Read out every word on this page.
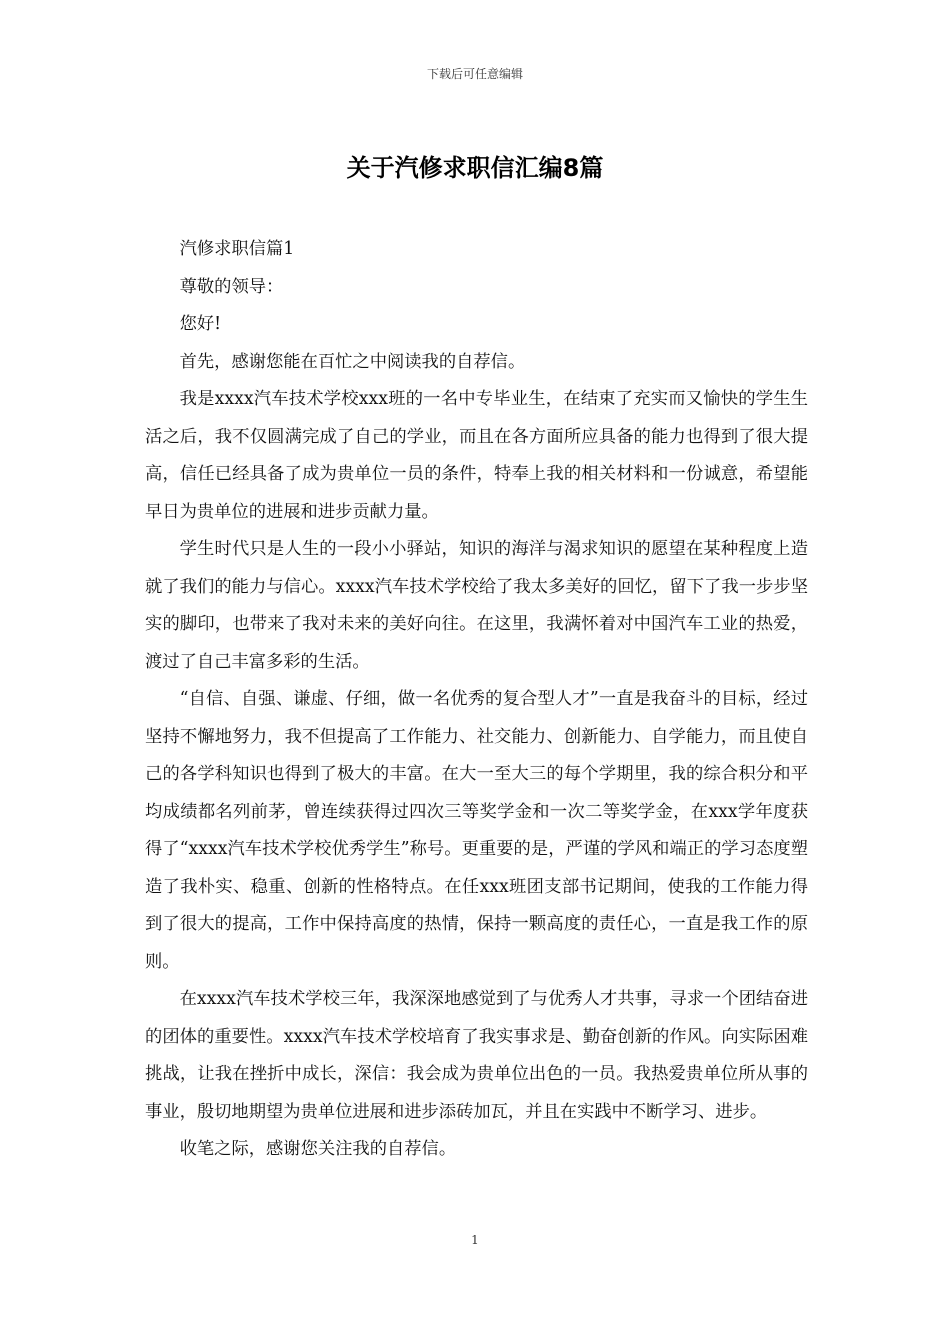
下载后可任意编辑
关于汽修求职信汇编8篇

汽修求职信篇1

尊敬的领导：

您好!

首先，感谢您能在百忙之中阅读我的自荐信。

我是xxxx汽车技术学校xxx班的一名中专毕业生，在结束了充实而又愉快的学生生活之后，我不仅圆满完成了自己的学业，而且在各方面所应具备的能力也得到了很大提高，信任已经具备了成为贵单位一员的条件，特奉上我的相关材料和一份诚意，希望能早日为贵单位的进展和进步贡献力量。

学生时代只是人生的一段小小驿站，知识的海洋与渴求知识的愿望在某种程度上造就了我们的能力与信心。xxxx汽车技术学校给了我太多美好的回忆，留下了我一步步坚实的脚印，也带来了我对未来的美好向往。在这里，我满怀着对中国汽车工业的热爱，渡过了自己丰富多彩的生活。

“自信、自强、谦虚、仔细，做一名优秀的复合型人才”一直是我奋斗的目标，经过坚持不懈地努力，我不但提高了工作能力、社交能力、创新能力、自学能力，而且使自己的各学科知识也得到了极大的丰富。在大一至大三的每个学期里，我的综合积分和平均成绩都名列前茅，曾连续获得过四次三等奖学金和一次二等奖学金，在xxx学年度获得了“xxxx汽车技术学校优秀学生”称号。更重要的是，严谨的学风和端正的学习态度塑造了我朴实、稳重、创新的性格特点。在任xxx班团支部书记期间，使我的工作能力得到了很大的提高，工作中保持高度的热情，保持一颗高度的责任心，一直是我工作的原则。

在xxxx汽车技术学校三年，我深深地感觉到了与优秀人才共事，寻求一个团结奋进的团体的重要性。xxxx汽车技术学校培育了我实事求是、勤奋创新的作风。向实际困难挑战，让我在挫折中成长，深信：我会成为贵单位出色的一员。我热爱贵单位所从事的事业，殷切地期望为贵单位进展和进步添砖加瓦，并且在实践中不断学习、进步。

收笔之际，感谢您关注我的自荐信。

1
